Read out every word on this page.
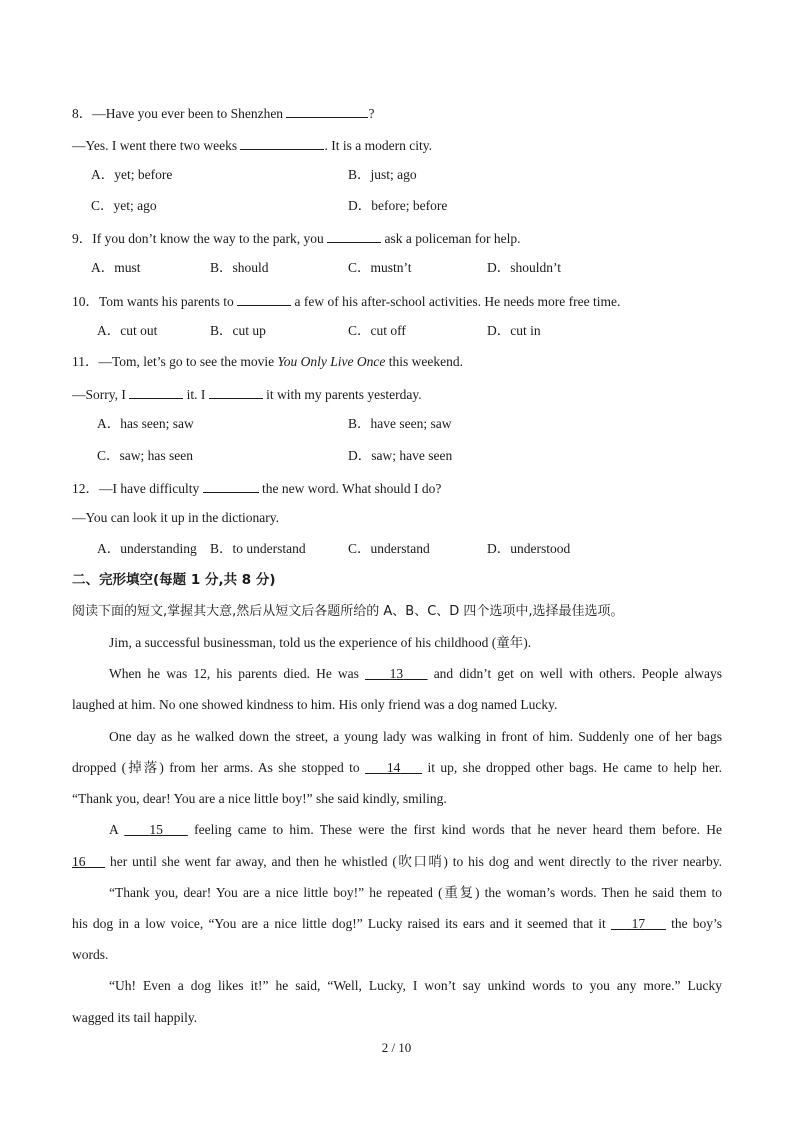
8．—Have you ever been to Shenzhen	?
—Yes. I went there two weeks	. It is a modern city.
A．yet; before	B．just; ago
C．yet; ago	D．before; before
9．If you don’t know the way to the park, you	ask a policeman for help.
A．must	B．should	C．mustn’t	D．shouldn’t
10．Tom wants his parents to	a few of his after-school activities. He needs more free time.
A．cut out	B．cut up	C．cut off	D．cut in
11．—Tom, let’s go to see the movie You Only Live Once this weekend.
—Sorry, I	it. I	it with my parents yesterday.
A．has seen; saw	B．have seen; saw
C．saw; has seen	D．saw; have seen
12．—I have difficulty	the new word. What should I do?
—You can look it up in the dictionary.
A．understanding B．to understand	C．understand	D．understood
二、完形填空(每题 1 分,共 8 分)
阅读下面的短文,掌握其大意,然后从短文后各题所给的 A、B、C、D 四个选项中,选择最佳选项。
Jim, a successful businessman, told us the experience of his childhood (童年).
When he was 12, his parents died. He was 13 and didn’t get on well with others. People always
laughed at him. No one showed kindness to him. His only friend was a dog named Lucky.
One day as he walked down the street, a young lady was walking in front of him. Suddenly one of her bags
dropped (掉落) from her arms. As she stopped to 14 it up, she dropped other bags. He came to help her.
“Thank you, dear! You are a nice little boy!” she said kindly, smiling.
A 15 feeling came to him. These were the first kind words that he never heard them before. He
16 her until she went far away, and then he whistled (吹口哨) to his dog and went directly to the river nearby.
“Thank you, dear! You are a nice little boy!” he repeated (重复) the woman’s words. Then he said them to
his dog in a low voice, “You are a nice little dog!” Lucky raised its ears and it seemed that it 17 the boy’s
words.
“Uh! Even a dog likes it!” he said, “Well, Lucky, I won’t say unkind words to you any more.” Lucky
wagged its tail happily.
2 / 10
